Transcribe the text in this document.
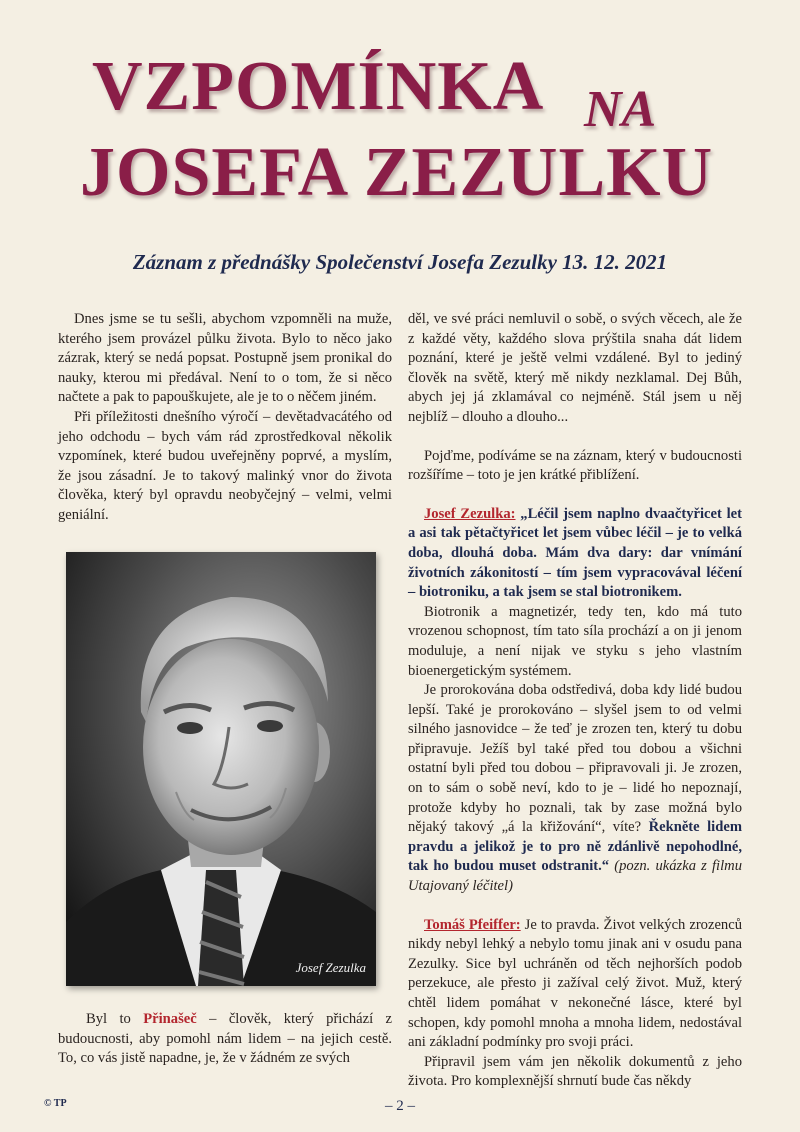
VZPOMÍNKA NA
JOSEFA ZEZULKU
Záznam z přednášky Společenství Josefa Zezulky 13. 12. 2021

Dnes jsme se tu sešli, abychom vzpomněli na muže, kterého jsem provázel půlku života. Bylo to něco jako zázrak, který se nedá popsat. Postupně jsem pronikal do nauky, kterou mi předával. Není to o tom, že si něco načtete a pak to papouškujete, ale je to o něčem jiném.

Při příležitosti dnešního výročí – devětadvacátého od jeho odchodu – bych vám rád zprostředkoval několik vzpomínek, které budou uveřejněny poprvé, a myslím, že jsou zásadní. Je to takový malinký vnor do života člověka, který byl opravdu neobyčejný – velmi, velmi geniální.

Josef Zezulka

Byl to Přinašeč – člověk, který přichází z budoucnosti, aby pomohl nám lidem – na jejich cestě. To, co vás jistě napadne, je, že v žádném ze svých

děl, ve své práci nemluvil o sobě, o svých věcech, ale že z každé věty, každého slova prýštila snaha dát lidem poznání, které je ještě velmi vzdálené. Byl to jediný člověk na světě, který mě nikdy nezklamal. Dej Bůh, abych jej já zklamával co nejméně. Stál jsem u něj nejblíž – dlouho a dlouho...

Pojďme, podíváme se na záznam, který v budoucnosti rozšíříme – toto je jen krátké přiblížení.

Josef Zezulka: „Léčil jsem naplno dvaačtyřicet let a asi tak pětačtyřicet let jsem vůbec léčil – je to velká doba, dlouhá doba. Mám dva dary: dar vnímání životních zákonitostí – tím jsem vypracovával léčení – biotroniku, a tak jsem se stal biotronikem.

Biotronik a magnetizér, tedy ten, kdo má tuto vrozenou schopnost, tím tato síla prochází a on ji jenom moduluje, a není nijak ve styku s jeho vlastním bioenergetickým systémem.

Je prorokována doba odstředivá, doba kdy lidé budou lepší. Také je prorokováno – slyšel jsem to od velmi silného jasnovidce – že teď je zrozen ten, který tu dobu připravuje. Ježíš byl také před tou dobou a všichni ostatní byli před tou dobou – připravovali ji. Je zrozen, on to sám o sobě neví, kdo to je – lidé ho nepoznají, protože kdyby ho poznali, tak by zase možná bylo nějaký takový „á la křižování“, víte? Řekněte lidem pravdu a jelikož je to pro ně zdánlivě nepohodlné, tak ho budou muset odstranit.“ (pozn. ukázka z filmu Utajovaný léčitel)

Tomáš Pfeiffer: Je to pravda. Život velkých zrozenců nikdy nebyl lehký a nebylo tomu jinak ani v osudu pana Zezulky. Sice byl uchráněn od těch nejhorších podob perzekuce, ale přesto ji zažíval celý život. Muž, který chtěl lidem pomáhat v nekonečné lásce, které byl schopen, kdy pomohl mnoha a mnoha lidem, nedostával ani základní podmínky pro svoji práci.

Připravil jsem vám jen několik dokumentů z jeho života. Pro komplexnější shrnutí bude čas někdy

© TP	– 2 –
